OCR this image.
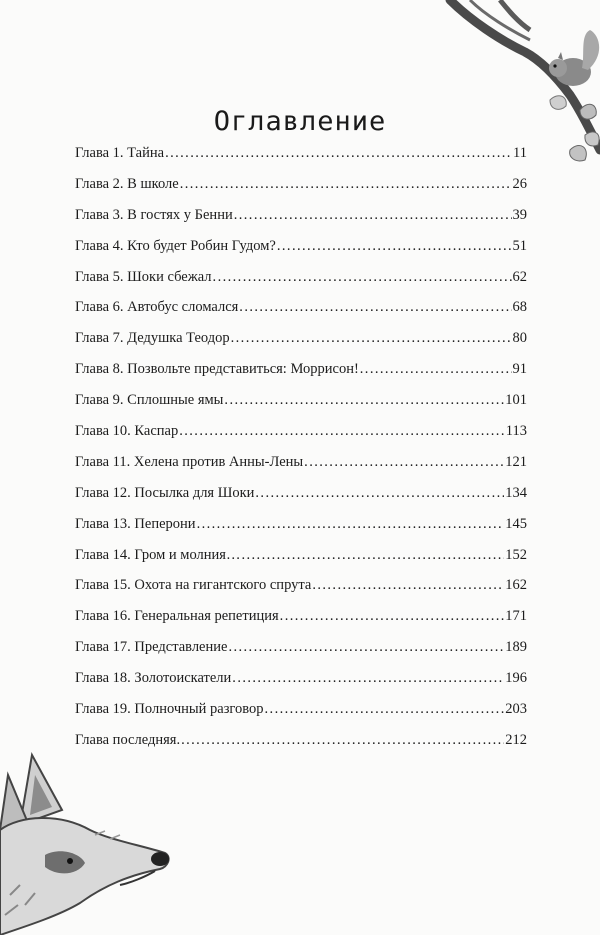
Оглавление
Глава 1. Тайна .....	11
Глава 2. В школе .....	26
Глава 3. В гостях у Бенни .....	39
Глава 4. Кто будет Робин Гудом? .....	51
Глава 5. Шоки сбежал .....	62
Глава 6. Автобус сломался .....	68
Глава 7. Дедушка Теодор .....	80
Глава 8. Позвольте представиться: Моррисон! .....	91
Глава 9. Сплошные ямы .....	101
Глава 10. Каспар .....	113
Глава 11. Хелена против Анны-Лены .....	121
Глава 12. Посылка для Шоки .....	134
Глава 13. Пеперони .....	145
Глава 14. Гром и молния… .....	152
Глава 15. Охота на гигантского спрута .....	162
Глава 16. Генеральная репетиция .....	171
Глава 17. Представление .....	189
Глава 18. Золотоискатели .....	196
Глава 19. Полночный разговор .....	203
Глава последняя. .....	212
